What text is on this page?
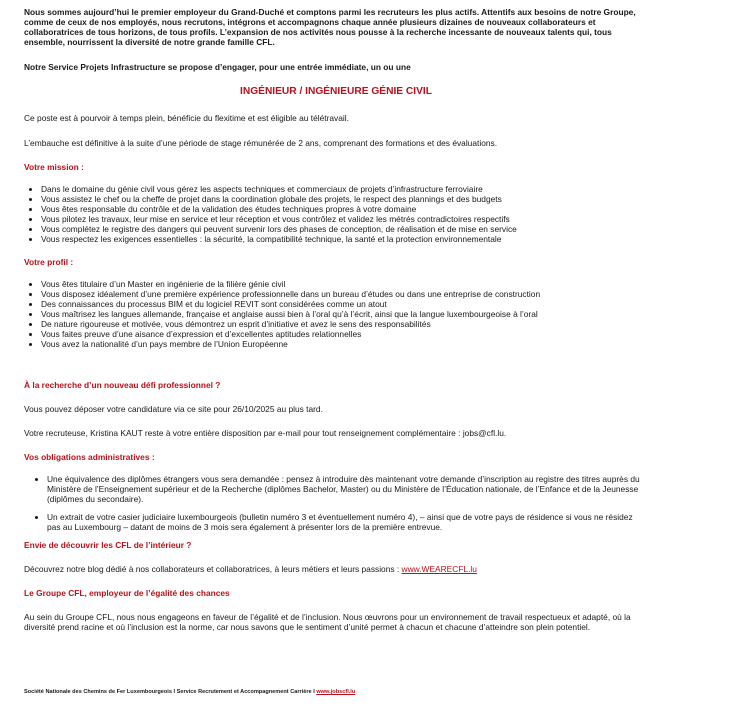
Nous sommes aujourd’hui le premier employeur du Grand-Duché et comptons parmi les recruteurs les plus actifs. Attentifs aux besoins de notre Groupe, comme de ceux de nos employés, nous recrutons, intégrons et accompagnons chaque année plusieurs dizaines de nouveaux collaborateurs et collaboratrices de tous horizons, de tous profils. L’expansion de nos activités nous pousse à la recherche incessante de nouveaux talents qui, tous ensemble, nourrissent la diversité de notre grande famille CFL.

Notre Service Projets Infrastructure se propose d’engager, pour une entrée immédiate, un ou une

INGÉNIEUR / INGÉNIEURE GÉNIE CIVIL

Ce poste est à pourvoir à temps plein, bénéficie du flexitime et est éligible au télétravail.

L’embauche est définitive à la suite d’une période de stage rémunérée de 2 ans, comprenant des formations et des évaluations.

Votre mission :
• Dans le domaine du génie civil vous gérez les aspects techniques et commerciaux de projets d’infrastructure ferroviaire
• Vous assistez le chef ou la cheffe de projet dans la coordination globale des projets, le respect des plannings et des budgets
• Vous êtes responsable du contrôle et de la validation des études techniques propres à votre domaine
• Vous pilotez les travaux, leur mise en service et leur réception et vous contrôlez et validez les métrés contradictoires respectifs
• Vous complétez le registre des dangers qui peuvent survenir lors des phases de conception, de réalisation et de mise en service
• Vous respectez les exigences essentielles : la sécurité, la compatibilité technique, la santé et la protection environnementale
Votre profil :
• Vous êtes titulaire d’un Master en ingénierie de la filière génie civil
• Vous disposez idéalement d’une première expérience professionnelle dans un bureau d’études ou dans une entreprise de construction
• Des connaissances du processus BIM et du logiciel REVIT sont considérées comme un atout
• Vous maîtrisez les langues allemande, française et anglaise aussi bien à l’oral qu’à l’écrit, ainsi que la langue luxembourgeoise à l’oral
• De nature rigoureuse et motivée, vous démontrez un esprit d’initiative et avez le sens des responsabilités
• Vous faites preuve d’une aisance d’expression et d’excellentes aptitudes relationnelles
• Vous avez la nationalité d’un pays membre de l’Union Européenne
À la recherche d’un nouveau défi professionnel ?

Vous pouvez déposer votre candidature via ce site pour 26/10/2025 au plus tard.

Votre recruteuse, Kristina KAUT reste à votre entière disposition par e-mail pour tout renseignement complémentaire : jobs@cfl.lu.

Vos obligations administratives :
• Une équivalence des diplômes étrangers vous sera demandée : pensez à introduire dès maintenant votre demande d’inscription au registre des titres auprès du Ministère de l’Enseignement supérieur et de la Recherche (diplômes Bachelor, Master) ou du Ministère de l’Éducation nationale, de l’Enfance et de la Jeunesse (diplômes du secondaire).
• Un extrait de votre casier judiciaire luxembourgeois (bulletin numéro 3 et éventuellement numéro 4), – ainsi que de votre pays de résidence si vous ne résidez pas au Luxembourg – datant de moins de 3 mois sera également à présenter lors de la première entrevue.
Envie de découvrir les CFL de l’intérieur ?

Découvrez notre blog dédié à nos collaborateurs et collaboratrices, à leurs métiers et leurs passions : www.WEARECFL.lu

Le Groupe CFL, employeur de l’égalité des chances

Au sein du Groupe CFL, nous nous engageons en faveur de l’égalité et de l’inclusion. Nous œuvrons pour un environnement de travail respectueux et adapté, où la diversité prend racine et où l’inclusion est la norme, car nous savons que le sentiment d’unité permet à chacun et chacune d’atteindre son plein potentiel.

Société Nationale des Chemins de Fer Luxembourgeois I Service Recrutement et Accompagnement Carrière I www.jobscfl.lu
